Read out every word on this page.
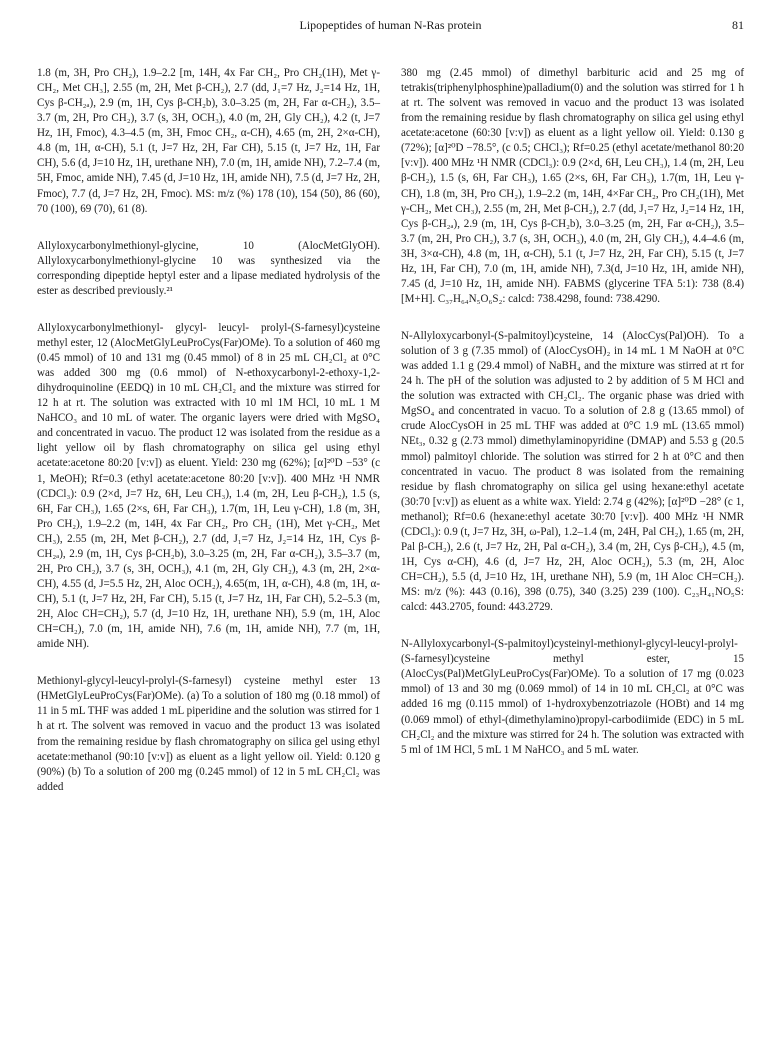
Lipopeptides of human N-Ras protein	81

1.8 (m, 3H, Pro CH₂), 1.9–2.2 [m, 14H, 4x Far CH₂, Pro CH₂(1H), Met γ-CH₂, Met CH₃], 2.55 (m, 2H, Met β-CH₂), 2.7 (dd, J₁=7 Hz, J₂=14 Hz, 1H, Cys β-CH₂ₐ), 2.9 (m, 1H, Cys β-CH₂b), 3.0–3.25 (m, 2H, Far α-CH₂), 3.5–3.7 (m, 2H, Pro CH₂), 3.7 (s, 3H, OCH₃), 4.0 (m, 2H, Gly CH₂), 4.2 (t, J=7 Hz, 1H, Fmoc), 4.3–4.5 (m, 3H, Fmoc CH₂, α-CH), 4.65 (m, 2H, 2×α-CH), 4.8 (m, 1H, α-CH), 5.1 (t, J=7 Hz, 2H, Far CH), 5.15 (t, J=7 Hz, 1H, Far CH), 5.6 (d, J=10 Hz, 1H, urethane NH), 7.0 (m, 1H, amide NH), 7.2–7.4 (m, 5H, Fmoc, amide NH), 7.45 (d, J=10 Hz, 1H, amide NH), 7.5 (d, J=7 Hz, 2H, Fmoc), 7.7 (d, J=7 Hz, 2H, Fmoc). MS: m/z (%) 178 (10), 154 (50), 86 (60), 70 (100), 69 (70), 61 (8).

Allyloxycarbonylmethionyl-glycine, 10 (AlocMetGlyOH). Allyloxycarbonylmethionyl-glycine 10 was synthesized via the corresponding dipeptide heptyl ester and a lipase mediated hydrolysis of the ester as described previously.²¹

Allyloxycarbonylmethionyl- glycyl- leucyl- prolyl-(S-farnesyl)cysteine methyl ester, 12 (AlocMetGlyLeuProCys(Far)OMe). To a solution of 460 mg (0.45 mmol) of 10 and 131 mg (0.45 mmol) of 8 in 25 mL CH₂Cl₂ at 0°C was added 300 mg (0.6 mmol) of N-ethoxycarbonyl-2-ethoxy-1,2-dihydroquinoline (EEDQ) in 10 mL CH₂Cl₂ and the mixture was stirred for 12 h at rt. The solution was extracted with 10 ml 1M HCl, 10 mL 1 M NaHCO₃ and 10 mL of water. The organic layers were dried with MgSO₄ and concentrated in vacuo. The product 12 was isolated from the residue as a light yellow oil by flash chromatography on silica gel using ethyl acetate:acetone 80:20 [v:v]) as eluent. Yield: 230 mg (62%); [α]²⁰D −53° (c 1, MeOH); Rf=0.3 (ethyl acetate:acetone 80:20 [v:v]). 400 MHz ¹H NMR (CDCl₃): 0.9 (2×d, J=7 Hz, 6H, Leu CH₃), 1.4 (m, 2H, Leu β-CH₂), 1.5 (s, 6H, Far CH₃), 1.65 (2×s, 6H, Far CH₃), 1.7(m, 1H, Leu γ-CH), 1.8 (m, 3H, Pro CH₂), 1.9–2.2 (m, 14H, 4x Far CH₂, Pro CH₂ (1H), Met γ-CH₂, Met CH₃), 2.55 (m, 2H, Met β-CH₂), 2.7 (dd, J₁=7 Hz, J₂=14 Hz, 1H, Cys β-CH₂ₐ), 2.9 (m, 1H, Cys β-CH₂b), 3.0–3.25 (m, 2H, Far α-CH₂), 3.5–3.7 (m, 2H, Pro CH₂), 3.7 (s, 3H, OCH₃), 4.1 (m, 2H, Gly CH₂), 4.3 (m, 2H, 2×α-CH), 4.55 (d, J=5.5 Hz, 2H, Aloc OCH₂), 4.65(m, 1H, α-CH), 4.8 (m, 1H, α-CH), 5.1 (t, J=7 Hz, 2H, Far CH), 5.15 (t, J=7 Hz, 1H, Far CH), 5.2–5.3 (m, 2H, Aloc CH=CH₂), 5.7 (d, J=10 Hz, 1H, urethane NH), 5.9 (m, 1H, Aloc CH=CH₂), 7.0 (m, 1H, amide NH), 7.6 (m, 1H, amide NH), 7.7 (m, 1H, amide NH).

Methionyl-glycyl-leucyl-prolyl-(S-farnesyl) cysteine methyl ester 13 (HMetGlyLeuProCys(Far)OMe). (a) To a solution of 180 mg (0.18 mmol) of 11 in 5 mL THF was added 1 mL piperidine and the solution was stirred for 1 h at rt. The solvent was removed in vacuo and the product 13 was isolated from the remaining residue by flash chromatography on silica gel using ethyl acetate:methanol (90:10 [v:v]) as eluent as a light yellow oil. Yield: 0.120 g (90%) (b) To a solution of 200 mg (0.245 mmol) of 12 in 5 mL CH₂Cl₂ was added

380 mg (2.45 mmol) of dimethyl barbituric acid and 25 mg of tetrakis(triphenylphosphine)palladium(0) and the solution was stirred for 1 h at rt. The solvent was removed in vacuo and the product 13 was isolated from the remaining residue by flash chromatography on silica gel using ethyl acetate:acetone (60:30 [v:v]) as eluent as a light yellow oil. Yield: 0.130 g (72%); [α]²⁰D −78.5°, (c 0.5; CHCl₃); Rf=0.25 (ethyl acetate/methanol 80:20 [v:v]). 400 MHz ¹H NMR (CDCl₃): 0.9 (2×d, 6H, Leu CH₃), 1.4 (m, 2H, Leu β-CH₂), 1.5 (s, 6H, Far CH₃), 1.65 (2×s, 6H, Far CH₃), 1.7(m, 1H, Leu γ-CH), 1.8 (m, 3H, Pro CH₂), 1.9–2.2 (m, 14H, 4×Far CH₂, Pro CH₂(1H), Met γ-CH₂, Met CH₃), 2.55 (m, 2H, Met β-CH₂), 2.7 (dd, J₁=7 Hz, J₂=14 Hz, 1H, Cys β-CH₂ₐ), 2.9 (m, 1H, Cys β-CH₂b), 3.0–3.25 (m, 2H, Far α-CH₂), 3.5–3.7 (m, 2H, Pro CH₂), 3.7 (s, 3H, OCH₃), 4.0 (m, 2H, Gly CH₂), 4.4–4.6 (m, 3H, 3×α-CH), 4.8 (m, 1H, α-CH), 5.1 (t, J=7 Hz, 2H, Far CH), 5.15 (t, J=7 Hz, 1H, Far CH), 7.0 (m, 1H, amide NH), 7.3(d, J=10 Hz, 1H, amide NH), 7.45 (d, J=10 Hz, 1H, amide NH). FABMS (glycerine TFA 5:1): 738 (8.4) [M+H]. C₃₇H₆₄N₅O₆S₂: calcd: 738.4298, found: 738.4290.

N-Allyloxycarbonyl-(S-palmitoyl)cysteine, 14 (AlocCys(Pal)OH). To a solution of 3 g (7.35 mmol) of (AlocCysOH)₂ in 14 mL 1 M NaOH at 0°C was added 1.1 g (29.4 mmol) of NaBH₄ and the mixture was stirred at rt for 24 h. The pH of the solution was adjusted to 2 by addition of 5 M HCl and the solution was extracted with CH₂Cl₂. The organic phase was dried with MgSO₄ and concentrated in vacuo. To a solution of 2.8 g (13.65 mmol) of crude AlocCysOH in 25 mL THF was added at 0°C 1.9 mL (13.65 mmol) NEt₃, 0.32 g (2.73 mmol) dimethylaminopyridine (DMAP) and 5.53 g (20.5 mmol) palmitoyl chloride. The solution was stirred for 2 h at 0°C and then concentrated in vacuo. The product 8 was isolated from the remaining residue by flash chromatography on silica gel using hexane:ethyl acetate (30:70 [v:v]) as eluent as a white wax. Yield: 2.74 g (42%); [α]²⁰D −28° (c 1, methanol); Rf=0.6 (hexane:ethyl acetate 30:70 [v:v]). 400 MHz ¹H NMR (CDCl₃): 0.9 (t, J=7 Hz, 3H, ω-Pal), 1.2–1.4 (m, 24H, Pal CH₂), 1.65 (m, 2H, Pal β-CH₂), 2.6 (t, J=7 Hz, 2H, Pal α-CH₂), 3.4 (m, 2H, Cys β-CH₂), 4.5 (m, 1H, Cys α-CH), 4.6 (d, J=7 Hz, 2H, Aloc OCH₂), 5.3 (m, 2H, Aloc CH=CH₂), 5.5 (d, J=10 Hz, 1H, urethane NH), 5.9 (m, 1H Aloc CH=CH₂). MS: m/z (%): 443 (0.16), 398 (0.75), 340 (3.25) 239 (100). C₂₃H₄₁NO₅S: calcd: 443.2705, found: 443.2729.

N-Allyloxycarbonyl-(S-palmitoyl)cysteinyl-methionyl-glycyl-leucyl-prolyl-(S-farnesyl)cysteine methyl ester, 15 (AlocCys(Pal)MetGlyLeuProCys(Far)OMe). To a solution of 17 mg (0.023 mmol) of 13 and 30 mg (0.069 mmol) of 14 in 10 mL CH₂Cl₂ at 0°C was added 16 mg (0.115 mmol) of 1-hydroxybenzotriazole (HOBt) and 14 mg (0.069 mmol) of ethyl-(dimethylamino)propyl-carbodiimide (EDC) in 5 mL CH₂Cl₂ and the mixture was stirred for 24 h. The solution was extracted with 5 ml of 1M HCl, 5 mL 1 M NaHCO₃ and 5 mL water.
